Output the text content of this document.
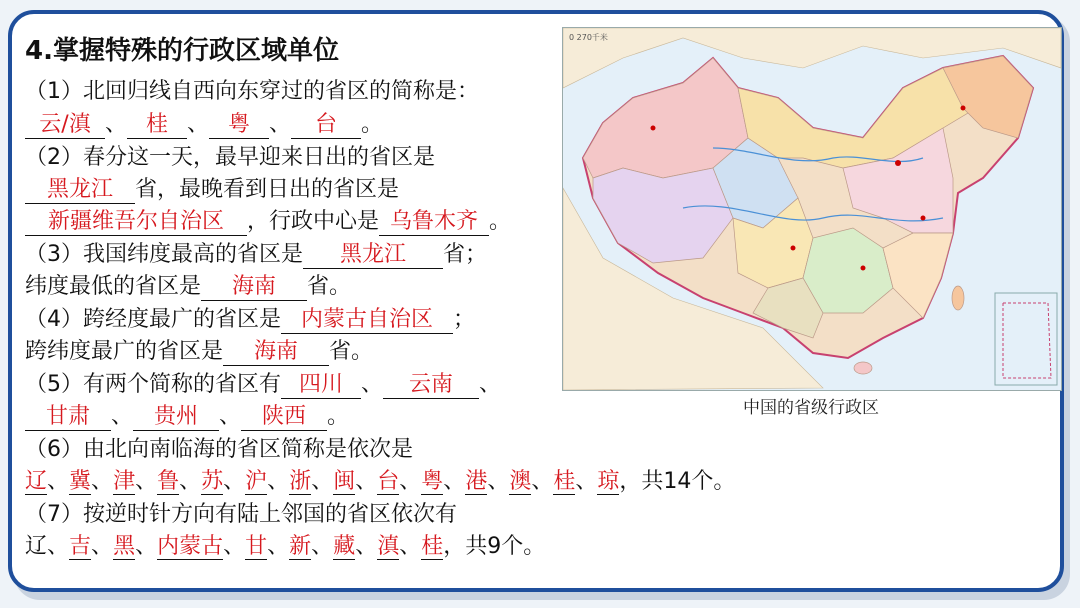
4.掌握特殊的行政区域单位
（1）北回归线自西向东穿过的省区的简称是：
云/滇 、 桂 、 粤 、 台 。
（2）春分这一天，最早迎来日出的省区是
黑龙江 省，最晚看到日出的省区是
新疆维吾尔自治区 ，行政中心是 乌鲁木齐 。
（3）我国纬度最高的省区是 黑龙江 省；
纬度最低的省区是 海南 省。
（4）跨经度最广的省区是 内蒙古自治区 ；
跨纬度最广的省区是 海南 省。
（5）有两个简称的省区有 四川 、 云南 、
甘肃 、 贵州 、 陕西 。
（6）由北向南临海的省区简称是依次是
辽、冀、津、鲁、苏、沪、浙、闽、台、粤、港、澳、桂、琼，共14个。
（7）按逆时针方向有陆上邻国的省区依次有
辽、吉、黑、内蒙古、甘、新、藏、滇、桂，共9个。
0 270千米
中国的省级行政区
